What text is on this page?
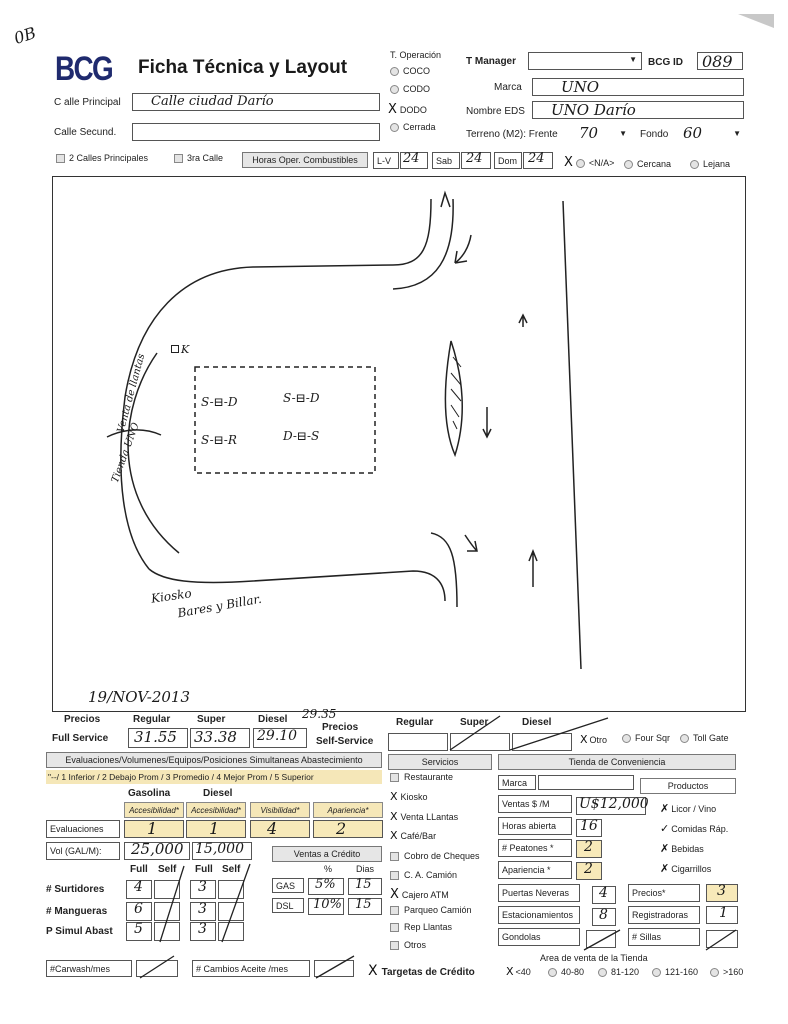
0B
BCG Ficha Técnica y Layout
C alle Principal Calle ciudad Darío
Calle Secund.
T. Operación
COCO
CODO
X DODO
Cerrada
T Manager	▼ BCG ID 089
Marca	UNO
Nombre EDS UNO Darío
Terreno (M2): Frente 70	▼ Fondo 60	▼
2 Calles Principales	3ra Calle	Horas Oper. Combustibles	L-V 24	Sab	24	Dom 24 X <N/A>	Cercana	Lejana
K
S-⊟-D	S-⊟-D
S-⊟-R	D-⊟-S
Tienda UNO
Venta de llantas
Kiosko
Bares y Billar.
19/NOV-2013
29.35
Precios	Regular	Super	Diesel
Full Service 31.55 33.38 29.10
Precios
Self-Service
Regular	Super	Diesel
X Otro	Four Sqr	Toll Gate
Evaluaciones/Volumenes/Equipos/Posiciones Simultaneas Abastecimiento
"--/ 1 Inferior / 2 Debajo Prom / 3 Promedio / 4 Mejor Prom / 5 Superior
Gasolina	Diesel
Accesibilidad*	Accesibilidad*	Visibilidad*	Apariencia*
Evaluaciones	1	1	4	2
Vol (GAL/M):	25,000 15,000	Ventas a Crédito
%	Dias
GAS	5% 15
DSL	10% 15
Full Self Full Self
# Surtidores 4	3
# Mangueras 6	3
P Simul Abast 5	3
Servicios
Restaurante
X Kiosko
X Venta LLantas
X Café/Bar
Cobro de Cheques
C. A. Camión
X Cajero ATM
Parqueo Camión
Rep Llantas
Otros
Tienda de Conveniencia
Marca	Productos
Ventas $ /M	U$12,000
Horas abierta	16
# Peatones *	2
Apariencia *	2
✗ Licor / Vino
✓ Comidas Ráp.
✗ Bebidas
✗ Cigarrillos
Puertas Neveras	4	Precios*	3
Estacionamientos	8	Registradoras	1
Gondolas	# Sillas
Area de venta de la Tienda
X <40	40-80	81-120	121-160	>160
#Carwash/mes	# Cambios Aceite /mes	X Targetas de Crédito
